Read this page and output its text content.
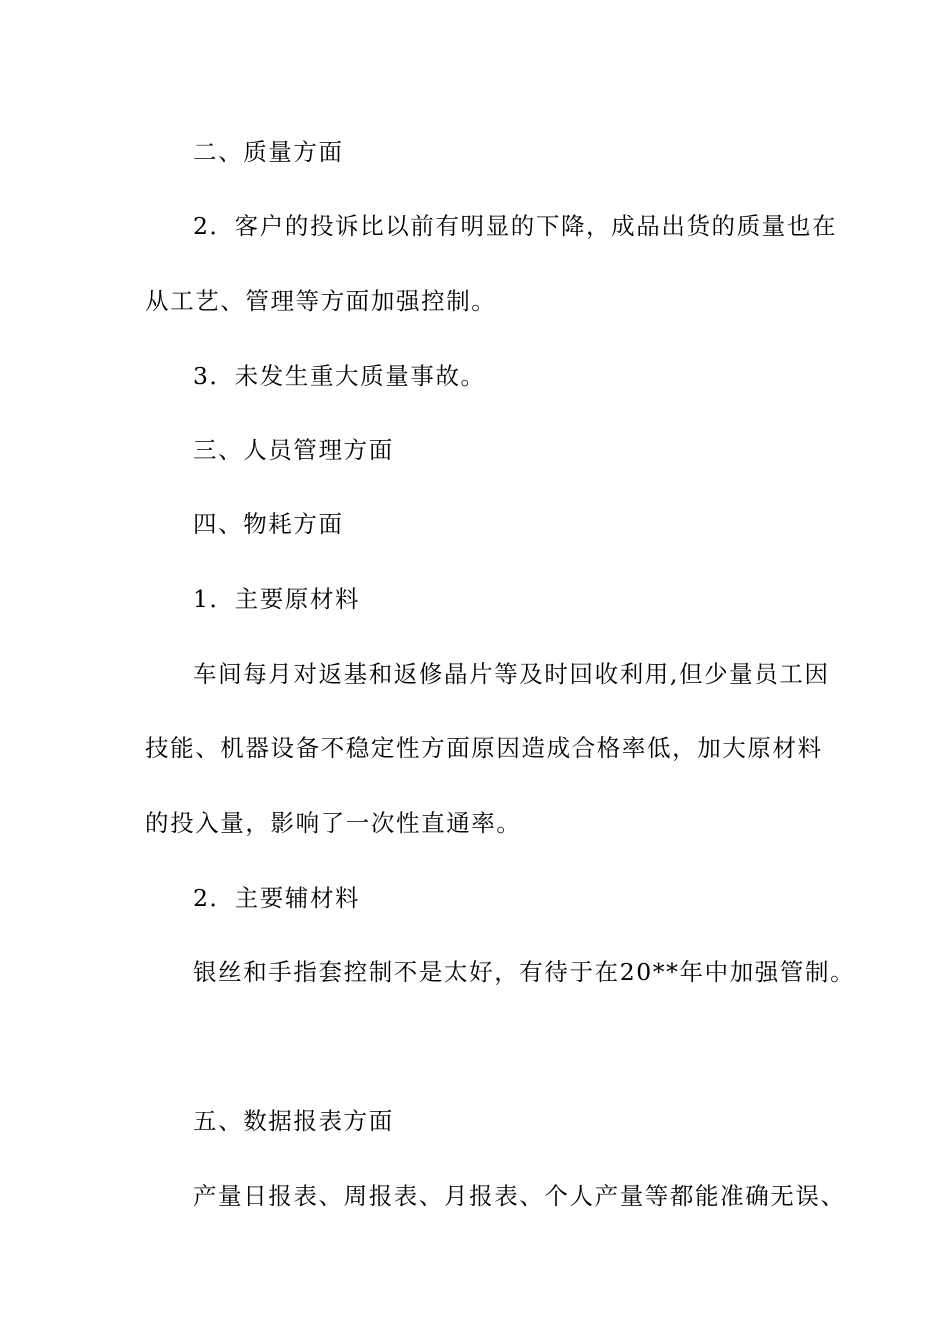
二、质量方面
2．客户的投诉比以前有明显的下降，成品出货的质量也在
从工艺、管理等方面加强控制。
3．未发生重大质量事故。
三、人员管理方面
四、物耗方面
1．主要原材料
车间每月对返基和返修晶片等及时回收利用,但少量员工因
技能、机器设备不稳定性方面原因造成合格率低，加大原材料
的投入量，影响了一次性直通率。
2．主要辅材料
银丝和手指套控制不是太好，有待于在20**年中加强管制。
五、数据报表方面
产量日报表、周报表、月报表、个人产量等都能准确无误、
